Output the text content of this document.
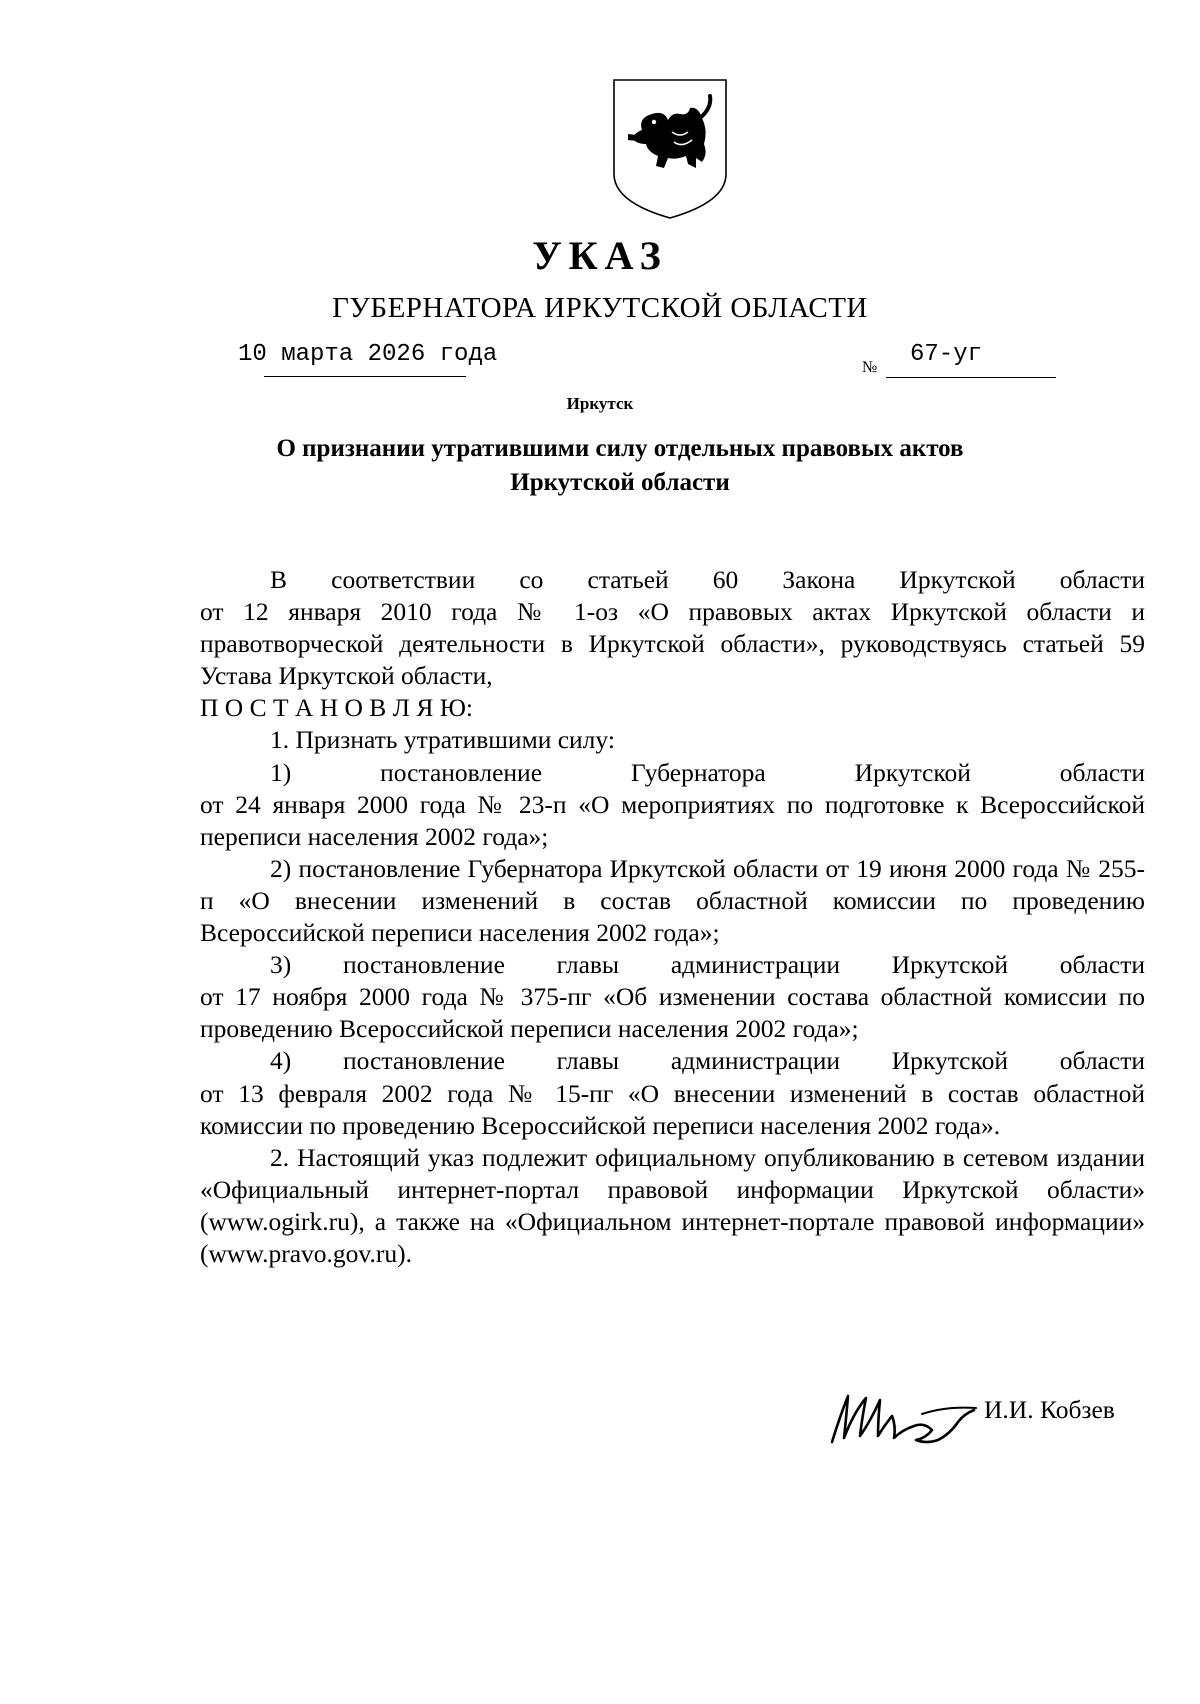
УКАЗ
ГУБЕРНАТОРА ИРКУТСКОЙ ОБЛАСТИ
10 марта 2026 года	№ 67-уг
Иркутск
О признании утратившими силу отдельных правовых актов
Иркутской области

В соответствии со статьей 60 Закона Иркутской области

от 12 января 2010 года № 1-оз «О правовых актах Иркутской области и правотворческой деятельности в Иркутской области», руководствуясь статьей 59 Устава Иркутской области,

П О С Т А Н О В Л Я Ю:

1. Признать утратившими силу:

1) постановление Губернатора Иркутской области

от 24 января 2000 года № 23-п «О мероприятиях по подготовке к Всероссийской переписи населения 2002 года»;

2) постановление Губернатора Иркутской области от 19 июня 2000 года № 255-п «О внесении изменений в состав областной комиссии по проведению Всероссийской переписи населения 2002 года»;

3) постановление главы администрации Иркутской области

от 17 ноября 2000 года № 375-пг «Об изменении состава областной комиссии по проведению Всероссийской переписи населения 2002 года»;

4) постановление главы администрации Иркутской области

от 13 февраля 2002 года № 15-пг «О внесении изменений в состав областной комиссии по проведению Всероссийской переписи населения 2002 года».

2. Настоящий указ подлежит официальному опубликованию в сетевом издании «Официальный интернет-портал правовой информации Иркутской области» (www.ogirk.ru), а также на «Официальном интернет-портале правовой информации» (www.pravo.gov.ru).

И.И. Кобзев
